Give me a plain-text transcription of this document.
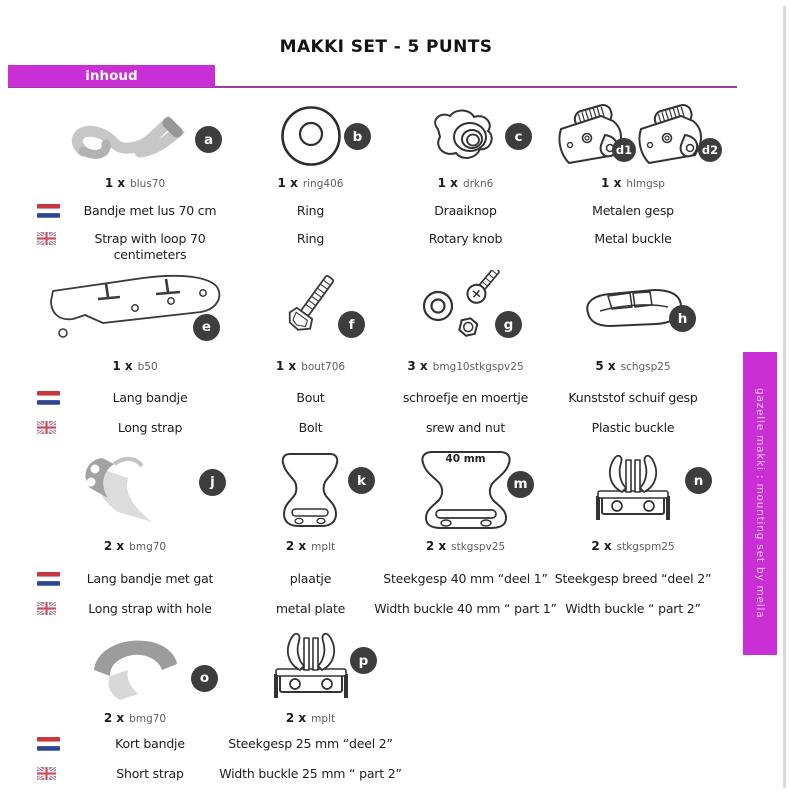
MAKKI SET - 5 PUNTS
inhoud
a
1 x blus70
Bandje met lus 70 cm
Strap with loop 70 centimeters
b
1 x ring406
Ring
Ring
c
1 x drkn6
Draaiknop
Rotary knob
d1	d2
1 x hlmgsp
Metalen gesp
Metal buckle
e
1 x b50
Lang bandje
Long strap
f
1 x bout706
Bout
Bolt
g
3 x bmg10stkgspv25
schroefje en moertje
srew and nut
h
5 x schgsp25
Kunststof schuif gesp
Plastic buckle
j
2 x bmg70
Lang bandje met gat
Long strap with hole
k
2 x mplt
plaatje
metal plate
40 mm
m
2 x stkgspv25
Steekgesp 40 mm “deel 1”
Width buckle 40 mm “ part 1”
n
2 x stkgspm25
Steekgesp breed “deel 2”
Width buckle “ part 2”
o
2 x bmg70
Kort bandje
Short strap
p
2 x mplt
Steekgesp 25 mm “deel 2”
Width buckle 25 mm “ part 2”
gazelle makki : mounting set by mella
